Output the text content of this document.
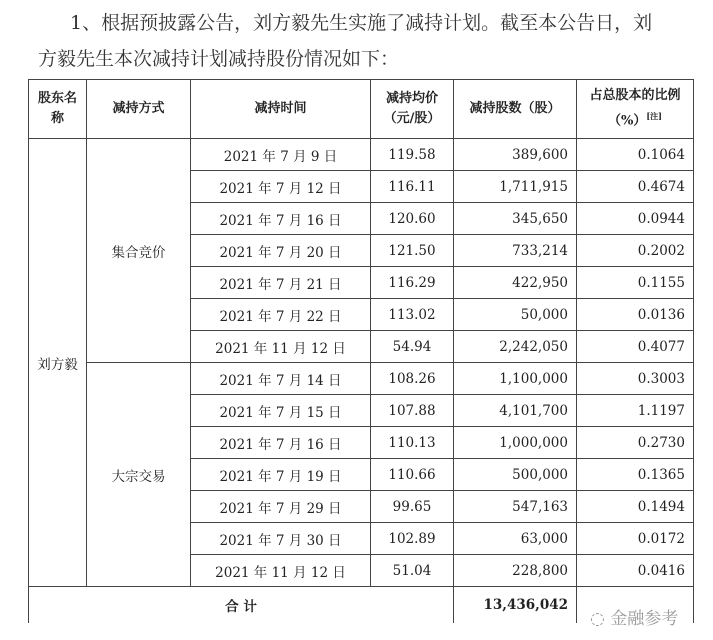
1、根据预披露公告，刘方毅先生实施了减持计划。截至本公告日，刘
方毅先生本次减持计划减持股份情况如下：
股东名称	减持方式	减持时间	减持均价（元/股）	减持股数（股）	占总股本的比例（%）[注]
刘方毅	集合竞价	2021 年 7 月 9 日	119.58	389,600	0.1064
		2021 年 7 月 12 日	116.11	1,711,915	0.4674
		2021 年 7 月 16 日	120.60	345,650	0.0944
		2021 年 7 月 20 日	121.50	733,214	0.2002
		2021 年 7 月 21 日	116.29	422,950	0.1155
		2021 年 7 月 22 日	113.02	50,000	0.0136
		2021 年 11 月 12 日	54.94	2,242,050	0.4077
	大宗交易	2021 年 7 月 14 日	108.26	1,100,000	0.3003
		2021 年 7 月 15 日	107.88	4,101,700	1.1197
		2021 年 7 月 16 日	110.13	1,000,000	0.2730
		2021 年 7 月 19 日	110.66	500,000	0.1365
		2021 年 7 月 29 日	99.65	547,163	0.1494
		2021 年 7 月 30 日	102.89	63,000	0.0172
		2021 年 11 月 12 日	51.04	228,800	0.0416
合 计				13,436,042	
◌ 金融参考
